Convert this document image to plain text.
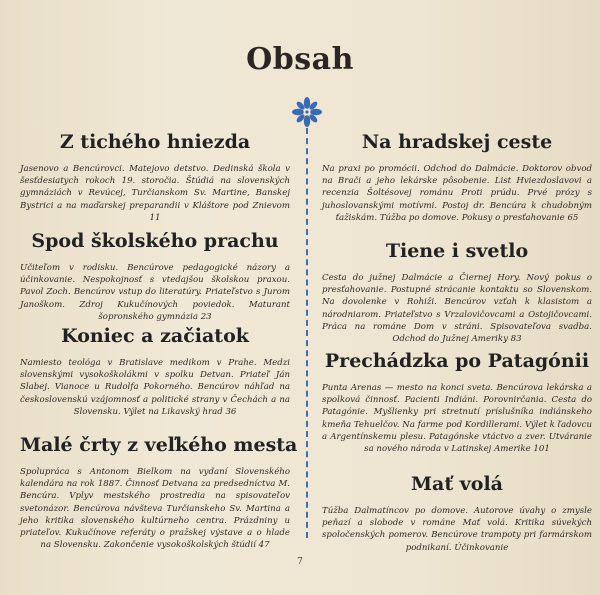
Obsah
Z tichého hniezda

Jasenovo a Bencúrovci. Matejovo detstvo. Dedinská škola v šesťdesiatych rokoch 19. storočia. Štúdiá na slovenských gymnáziách v Revúcej, Turčianskom Sv. Martine, Banskej Bystrici a na maďarskej preparandii v Kláštore pod Znievom 11

Spod školského prachu

Učiteľom v rodisku. Bencúrove pedagogické názory a účinkovanie. Nespokojnosť s vtedajšou školskou praxou. Pavol Zoch. Bencúrov vstup do literatúry. Priateľstvo s Jurom Janoškom. Zdroj Kukučínových poviedok. Maturant šopronského gymnázia 23

Koniec a začiatok

Namiesto teológa v Bratislave medikom v Prahe. Medzi slovenskými vysokoškolákmi v spolku Detvan. Priateľ Ján Slabej. Vianoce u Rudolfa Pokorného. Bencúrov náhľad na československú vzájomnosť a politické strany v Čechách a na Slovensku. Výlet na Likavský hrad 36

Malé črty z veľkého mesta

Spolupráca s Antonom Bielkom na vydaní Slovenského kalendára na rok 1887. Činnosť Detvana za predsedníctva M. Bencúra. Vplyv mestského prostredia na spisovateľov svetonázor. Bencúrova návšteva Turčianskeho Sv. Martina a jeho kritika slovenského kultúrneho centra. Prázdniny u priateľov. Kukučínove referáty o pražskej výstave a o hlade na Slovensku. Zakončenie vysokoškolských štúdií 47

Na hradskej ceste

Na praxi po promócii. Odchod do Dalmácie. Doktorov obvod na Brači a jeho lekárske pôsobenie. List Hviezdoslavovi a recenzia Šoltésovej románu Proti prúdu. Prvé prózy s juhoslovanskými motívmi. Postoj dr. Bencúra k chudobným ťažiskám. Túžba po domove. Pokusy o presťahovanie 65

Tiene i svetlo

Cesta do južnej Dalmácie a Čiernej Hory. Nový pokus o presťahovanie. Postupné strácanie kontaktu so Slovenskom. Na dovolenke v Rohiži. Bencúrov vzťah k klasistom a národniarom. Priateľstvo s Vrzalovičovcami a Ostojičovcami. Práca na románe Dom v stráni. Spisovateľova svadba. Odchod do Južnej Ameriky 83

Prechádzka po Patagónii

Punta Arenas — mesto na konci sveta. Bencúrova lekárska a spolková činnosť. Pacienti Indiáni. Porovnirčania. Cesta do Patagónie. Myšlienky pri stretnutí príslušníka indiánskeho kmeňa Tehuelčov. Na farme pod Kordillerami. Výlet k ľadovcu a Argentínskemu plesu. Patagónske vtáctvo a zver. Utváranie sa nového národa v Latinskej Amerike 101

Mať volá

Túžba Dalmatíncov po domove. Autorove úvahy o zmysle peňazí a slobode v románe Mať volá. Kritika súvekých spoločenských pomerov. Bencúrove trampoty pri farmárskom podnikaní. Účinkovanie

7
